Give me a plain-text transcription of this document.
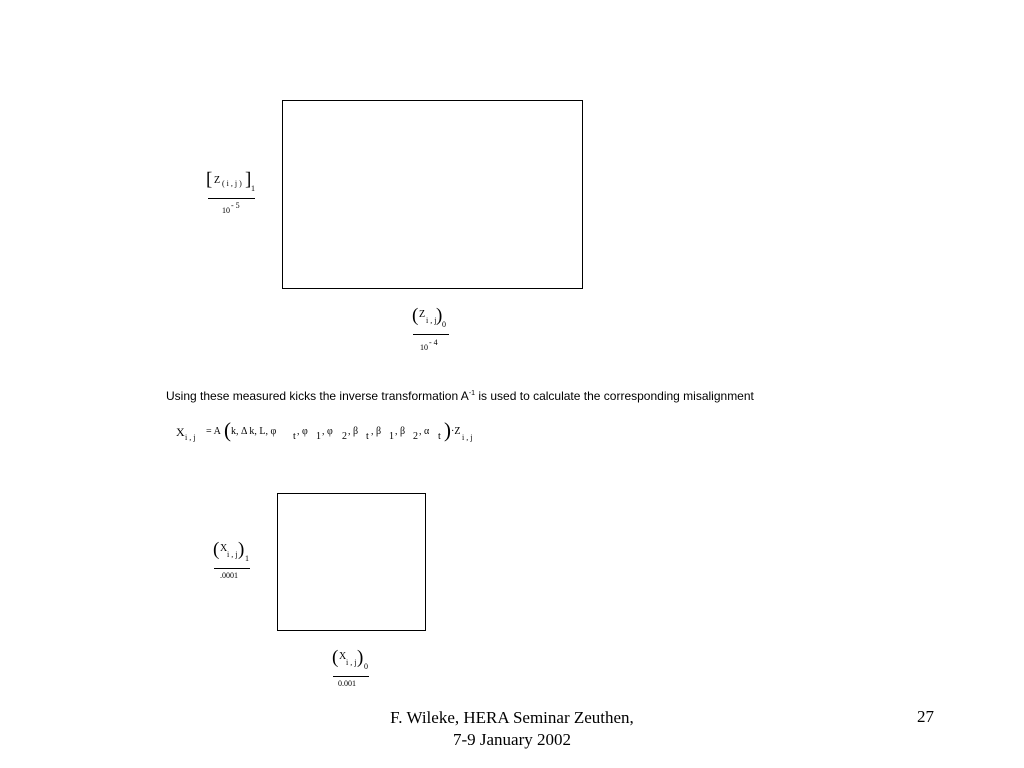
[ Z ( i , j ) ] 1
10
- 5
( Z
i , j ) 0
10
- 4
Using these measured kicks the inverse transformation $A^{-1}$ is used to calculate the corresponding misalignment
X i , j
= A ( k, Δ k, L, φ t , φ 1 , φ 2 , β t , β 1 , β 2 , α t ) ·Z
i , j
( X
i , j ) 1
.0001
( X
i , j ) 0
0.001
F. Wileke, HERA Seminar Zeuthen,
7-9 January 2002
27
